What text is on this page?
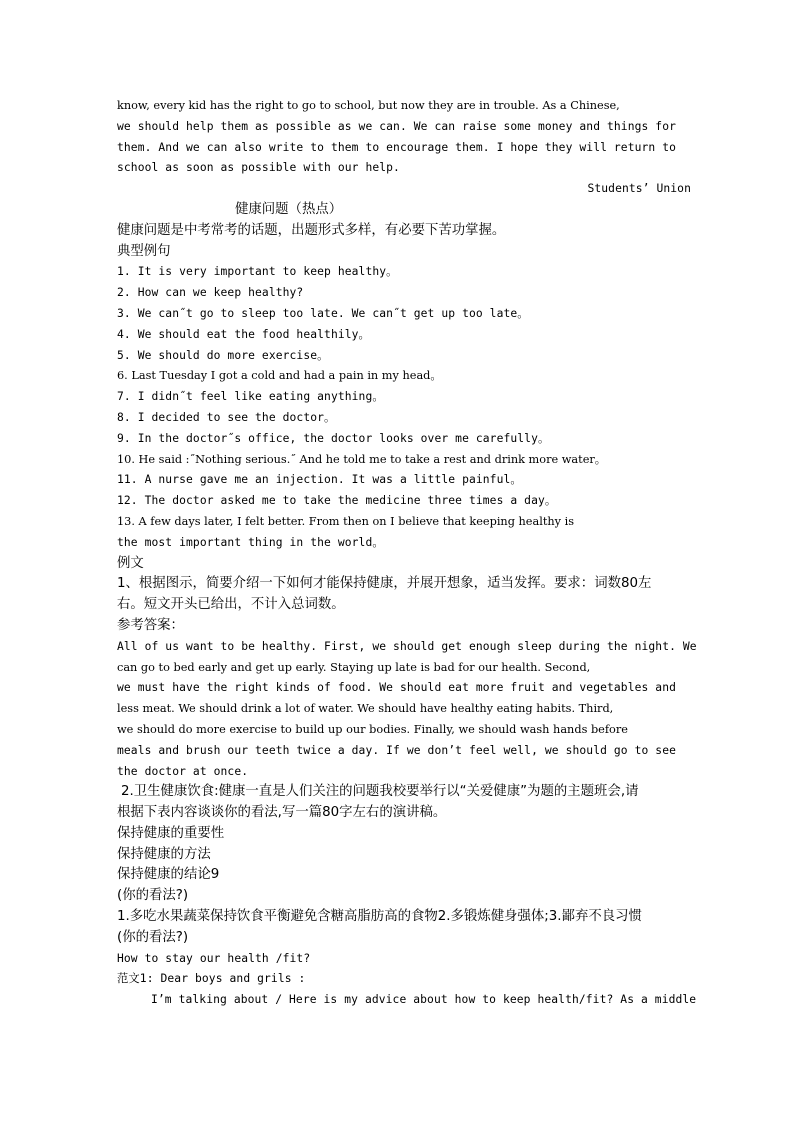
know, every kid has the right to go to school, but now they are in trouble. As a Chinese,
we should help them as possible as we can. We can raise some money and things for
them. And we can also write to them to encourage them. I hope they will return to
school as soon as possible with our help.
Students’ Union
健康问题（热点）
健康问题是中考常考的话题，出题形式多样，有必要下苦功掌握。
典型例句
1. It is very important to keep healthy。
2. How can we keep healthy?
3. We can˝t go to sleep too late. We can˝t get up too late。
4. We should eat the food healthily。
5. We should do more exercise。
6. Last Tuesday I got a cold and had a pain in my head。
7. I didn˝t feel like eating anything。
8. I decided to see the doctor。
9. In the doctor˝s office, the doctor looks over me carefully。
10. He said :˝Nothing serious.˝ And he told me to take a rest and drink more water。
11. A nurse gave me an injection. It was a little painful。
12. The doctor asked me to take the medicine three times a day。
13. A few days later, I felt better. From then on I believe that keeping healthy is
the most important thing in the world。
例文
1、根据图示，简要介绍一下如何才能保持健康，并展开想象，适当发挥。要求：词数80左
右。短文开头已给出，不计入总词数。
参考答案：
All of us want to be healthy. First, we should get enough sleep during the night. We
can go to bed early and get up early. Staying up late is bad for our health. Second,
we must have the right kinds of food. We should eat more fruit and vegetables and
less meat. We should drink a lot of water. We should have healthy eating habits. Third,
we should do more exercise to build up our bodies. Finally, we should wash hands before
meals and brush our teeth twice a day. If we don’t feel well, we should go to see
the doctor at once.
2.卫生健康饮食:健康一直是人们关注的问题我校要举行以“关爱健康”为题的主题班会,请
根据下表内容谈谈你的看法,写一篇80字左右的演讲稿。
保持健康的重要性
保持健康的方法
保持健康的结论9
(你的看法?)
1.多吃水果蔬菜保持饮食平衡避免含糖高脂肪高的食物2.多锻炼健身强体;3.鄙弃不良习惯
(你的看法?)
How to stay our health /fit?
范文1: Dear boys and grils :
I’m talking about / Here is my advice about how to keep health/fit? As a middle
